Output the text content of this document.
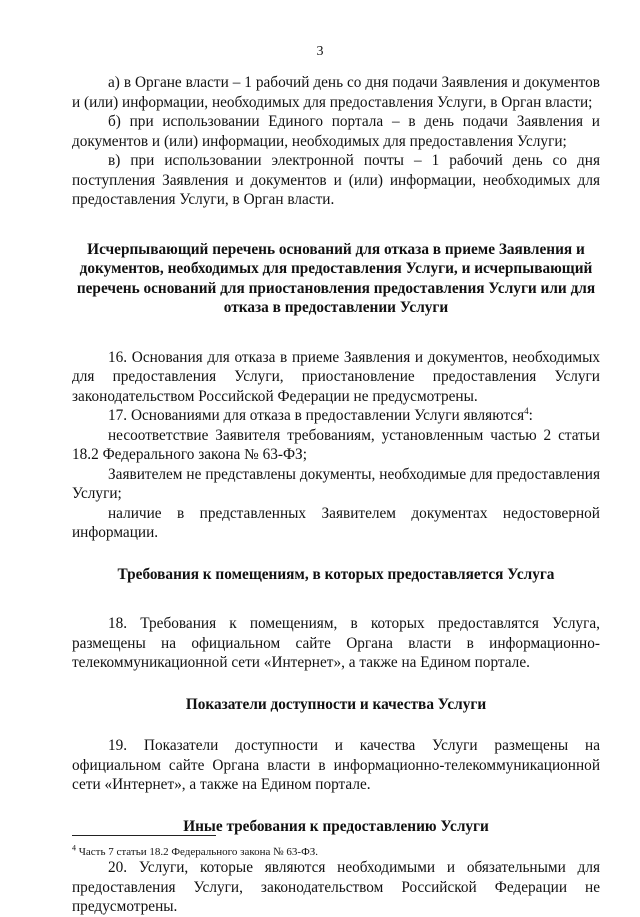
3

а) в Органе власти – 1 рабочий день со дня подачи Заявления и документов и (или) информации, необходимых для предоставления Услуги, в Орган власти;

б) при использовании Единого портала – в день подачи Заявления и документов и (или) информации, необходимых для предоставления Услуги;

в) при использовании электронной почты – 1 рабочий день со дня поступления Заявления и документов и (или) информации, необходимых для предоставления Услуги, в Орган власти.

Исчерпывающий перечень оснований для отказа в приеме Заявления и документов, необходимых для предоставления Услуги, и исчерпывающий перечень оснований для приостановления предоставления Услуги или для отказа в предоставлении Услуги

16. Основания для отказа в приеме Заявления и документов, необходимых для предоставления Услуги, приостановление предоставления Услуги законодательством Российской Федерации не предусмотрены.

17. Основаниями для отказа в предоставлении Услуги являются$^4$:

несоответствие Заявителя требованиям, установленным частью 2 статьи 18.2 Федерального закона № 63-ФЗ;

Заявителем не представлены документы, необходимые для предоставления Услуги;

наличие в представленных Заявителем документах недостоверной информации.

Требования к помещениям, в которых предоставляется Услуга

18. Требования к помещениям, в которых предоставлятся Услуга, размещены на официальном сайте Органа власти в информационно-телекоммуникационной сети «Интернет», а также на Едином портале.

Показатели доступности и качества Услуги

19. Показатели доступности и качества Услуги размещены на официальном сайте Органа власти в информационно-телекоммуникационной сети «Интернет», а также на Едином портале.

Иные требования к предоставлению Услуги

20. Услуги, которые являются необходимыми и обязательными для предоставления Услуги, законодательством Российской Федерации не предусмотрены.

$^4$ Часть 7 статьи 18.2 Федерального закона № 63-ФЗ.
